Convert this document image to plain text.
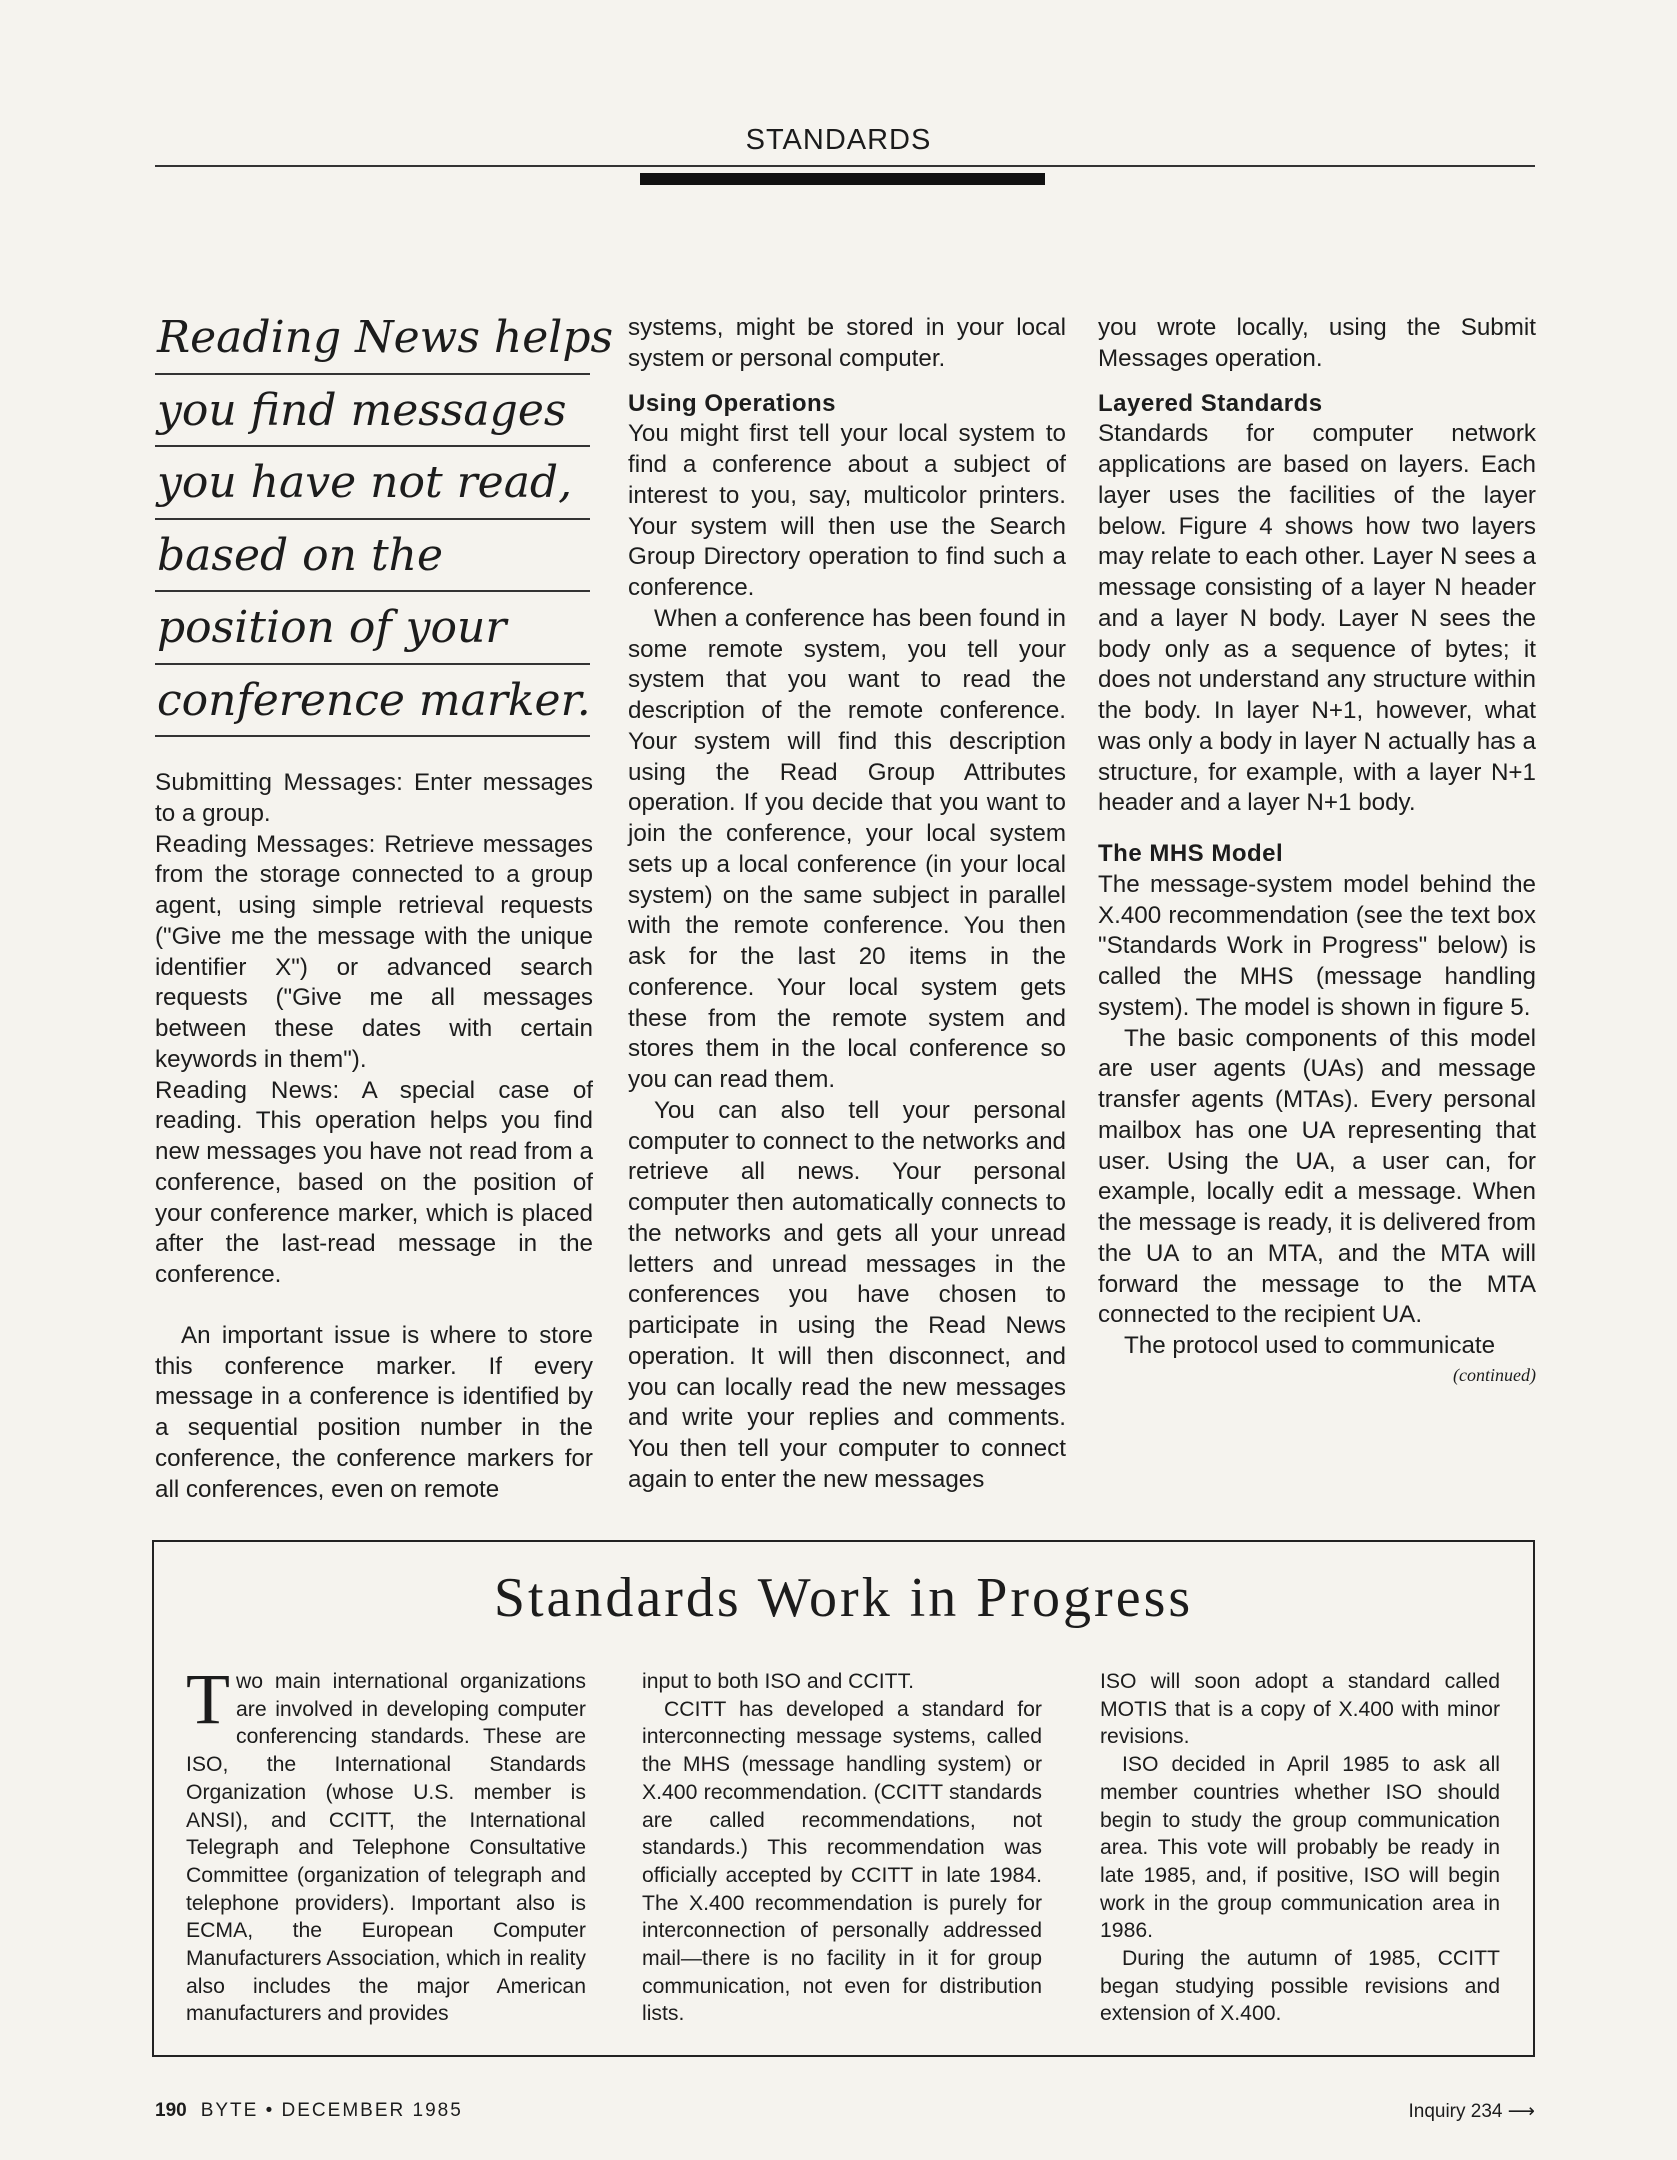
STANDARDS
Reading News helps
you find messages
you have not read,
based on the
position of your
conference marker.

Submitting Messages: Enter messages to a group.

Reading Messages: Retrieve messages from the storage connected to a group agent, using simple retrieval requests ("Give me the message with the unique identifier X") or advanced search requests ("Give me all messages between these dates with certain keywords in them").

Reading News: A special case of reading. This operation helps you find new messages you have not read from a conference, based on the position of your conference marker, which is placed after the last-read message in the conference.

An important issue is where to store this conference marker. If every message in a conference is identified by a sequential position number in the conference, the conference markers for all conferences, even on remote

systems, might be stored in your local system or personal computer.

Using Operations

You might first tell your local system to find a conference about a subject of interest to you, say, multicolor printers. Your system will then use the Search Group Directory operation to find such a conference.

When a conference has been found in some remote system, you tell your system that you want to read the description of the remote conference. Your system will find this description using the Read Group Attributes operation. If you decide that you want to join the conference, your local system sets up a local conference (in your local system) on the same subject in parallel with the remote conference. You then ask for the last 20 items in the conference. Your local system gets these from the remote system and stores them in the local conference so you can read them.

You can also tell your personal computer to connect to the networks and retrieve all news. Your personal computer then automatically connects to the networks and gets all your unread letters and unread messages in the conferences you have chosen to participate in using the Read News operation. It will then disconnect, and you can locally read the new messages and write your replies and comments. You then tell your computer to connect again to enter the new messages

you wrote locally, using the Submit Messages operation.

Layered Standards

Standards for computer network applications are based on layers. Each layer uses the facilities of the layer below. Figure 4 shows how two layers may relate to each other. Layer N sees a message consisting of a layer N header and a layer N body. Layer N sees the body only as a sequence of bytes; it does not understand any structure within the body. In layer N+1, however, what was only a body in layer N actually has a structure, for example, with a layer N+1 header and a layer N+1 body.

The MHS Model

The message-system model behind the X.400 recommendation (see the text box "Standards Work in Progress" below) is called the MHS (message handling system). The model is shown in figure 5.

The basic components of this model are user agents (UAs) and message transfer agents (MTAs). Every personal mailbox has one UA representing that user. Using the UA, a user can, for example, locally edit a message. When the message is ready, it is delivered from the UA to an MTA, and the MTA will forward the message to the MTA connected to the recipient UA.

The protocol used to communicate

(continued)
Standards Work in Progress

Two main international organizations are involved in developing computer conferencing standards. These are ISO, the International Standards Organization (whose U.S. member is ANSI), and CCITT, the International Telegraph and Telephone Consultative Committee (organization of telegraph and telephone providers). Important also is ECMA, the European Computer Manufacturers Association, which in reality also includes the major American manufacturers and provides

input to both ISO and CCITT.

CCITT has developed a standard for interconnecting message systems, called the MHS (message handling system) or X.400 recommendation. (CCITT standards are called recommendations, not standards.) This recommendation was officially accepted by CCITT in late 1984. The X.400 recommendation is purely for interconnection of personally addressed mail—there is no facility in it for group communication, not even for distribution lists.

ISO will soon adopt a standard called MOTIS that is a copy of X.400 with minor revisions.

ISO decided in April 1985 to ask all member countries whether ISO should begin to study the group communication area. This vote will probably be ready in late 1985, and, if positive, ISO will begin work in the group communication area in 1986.

During the autumn of 1985, CCITT began studying possible revisions and extension of X.400.

190 BYTE • DECEMBER 1985	Inquiry 234 ⟶
